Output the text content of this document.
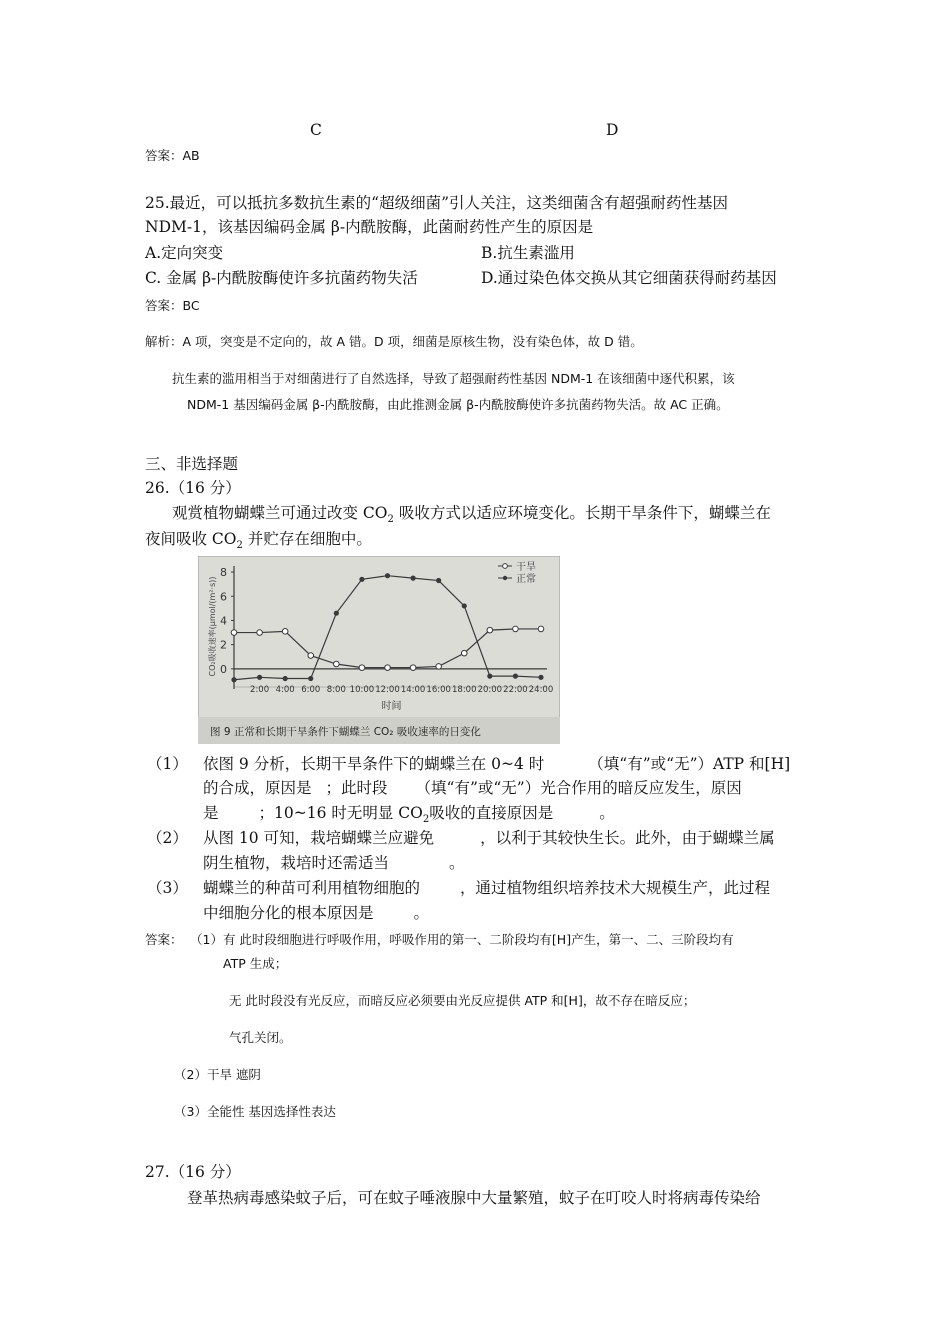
C	D
答案：AB
25.最近，可以抵抗多数抗生素的“超级细菌”引人关注，这类细菌含有超强耐药性基因
NDM-1，该基因编码金属 β-内酰胺酶，此菌耐药性产生的原因是
A.定向突变	B.抗生素滥用
C. 金属 β-内酰胺酶使许多抗菌药物失活	D.通过染色体交换从其它细菌获得耐药基因
答案：BC
解析：A 项，突变是不定向的，故 A 错。D 项，细菌是原核生物，没有染色体，故 D 错。
抗生素的滥用相当于对细菌进行了自然选择，导致了超强耐药性基因 NDM-1 在该细菌中逐代积累，该
NDM-1 基因编码金属 β-内酰胺酶，由此推测金属 β-内酰胺酶使许多抗菌药物失活。故 AC 正确。
三、非选择题
26.（16 分）
观赏植物蝴蝶兰可通过改变 $CO_2$ 吸收方式以适应环境变化。长期干旱条件下，蝴蝶兰在
夜间吸收 $CO_2$ 并贮存在细胞中。
8
6
4
2
0
CO₂吸收速率(μmol/(m²·s))
2:00 4:00 6:00 8:00 10:00 12:00 14:00 16:00 18:00 20:00 22:00 24:00
时间
干旱
正常
图 9 正常和长期干旱条件下蝴蝶兰 CO₂ 吸收速率的日变化
（1） 依图 9 分析，长期干旱条件下的蝴蝶兰在 0~4 时	（填“有”或“无”）ATP 和[H]
的合成，原因是 ；此时段 （填“有”或“无”）光合作用的暗反应发生，原因
是	；10~16 时无明显 $CO_2$吸收的直接原因是	。
（2） 从图 10 可知，栽培蝴蝶兰应避免	，以利于其较快生长。此外，由于蝴蝶兰属
阴生植物，栽培时还需适当	。
（3） 蝴蝶兰的种苗可利用植物细胞的	，通过植物组织培养技术大规模生产，此过程
中细胞分化的根本原因是	。
答案： （1）有 此时段细胞进行呼吸作用，呼吸作用的第一、二阶段均有[H]产生，第一、二、三阶段均有
ATP 生成；
无 此时段没有光反应，而暗反应必须要由光反应提供 ATP 和[H]，故不存在暗反应；
气孔关闭。
（2）干旱 遮阴
（3）全能性 基因选择性表达
27.（16 分）
登革热病毒感染蚊子后，可在蚊子唾液腺中大量繁殖，蚊子在叮咬人时将病毒传染给
